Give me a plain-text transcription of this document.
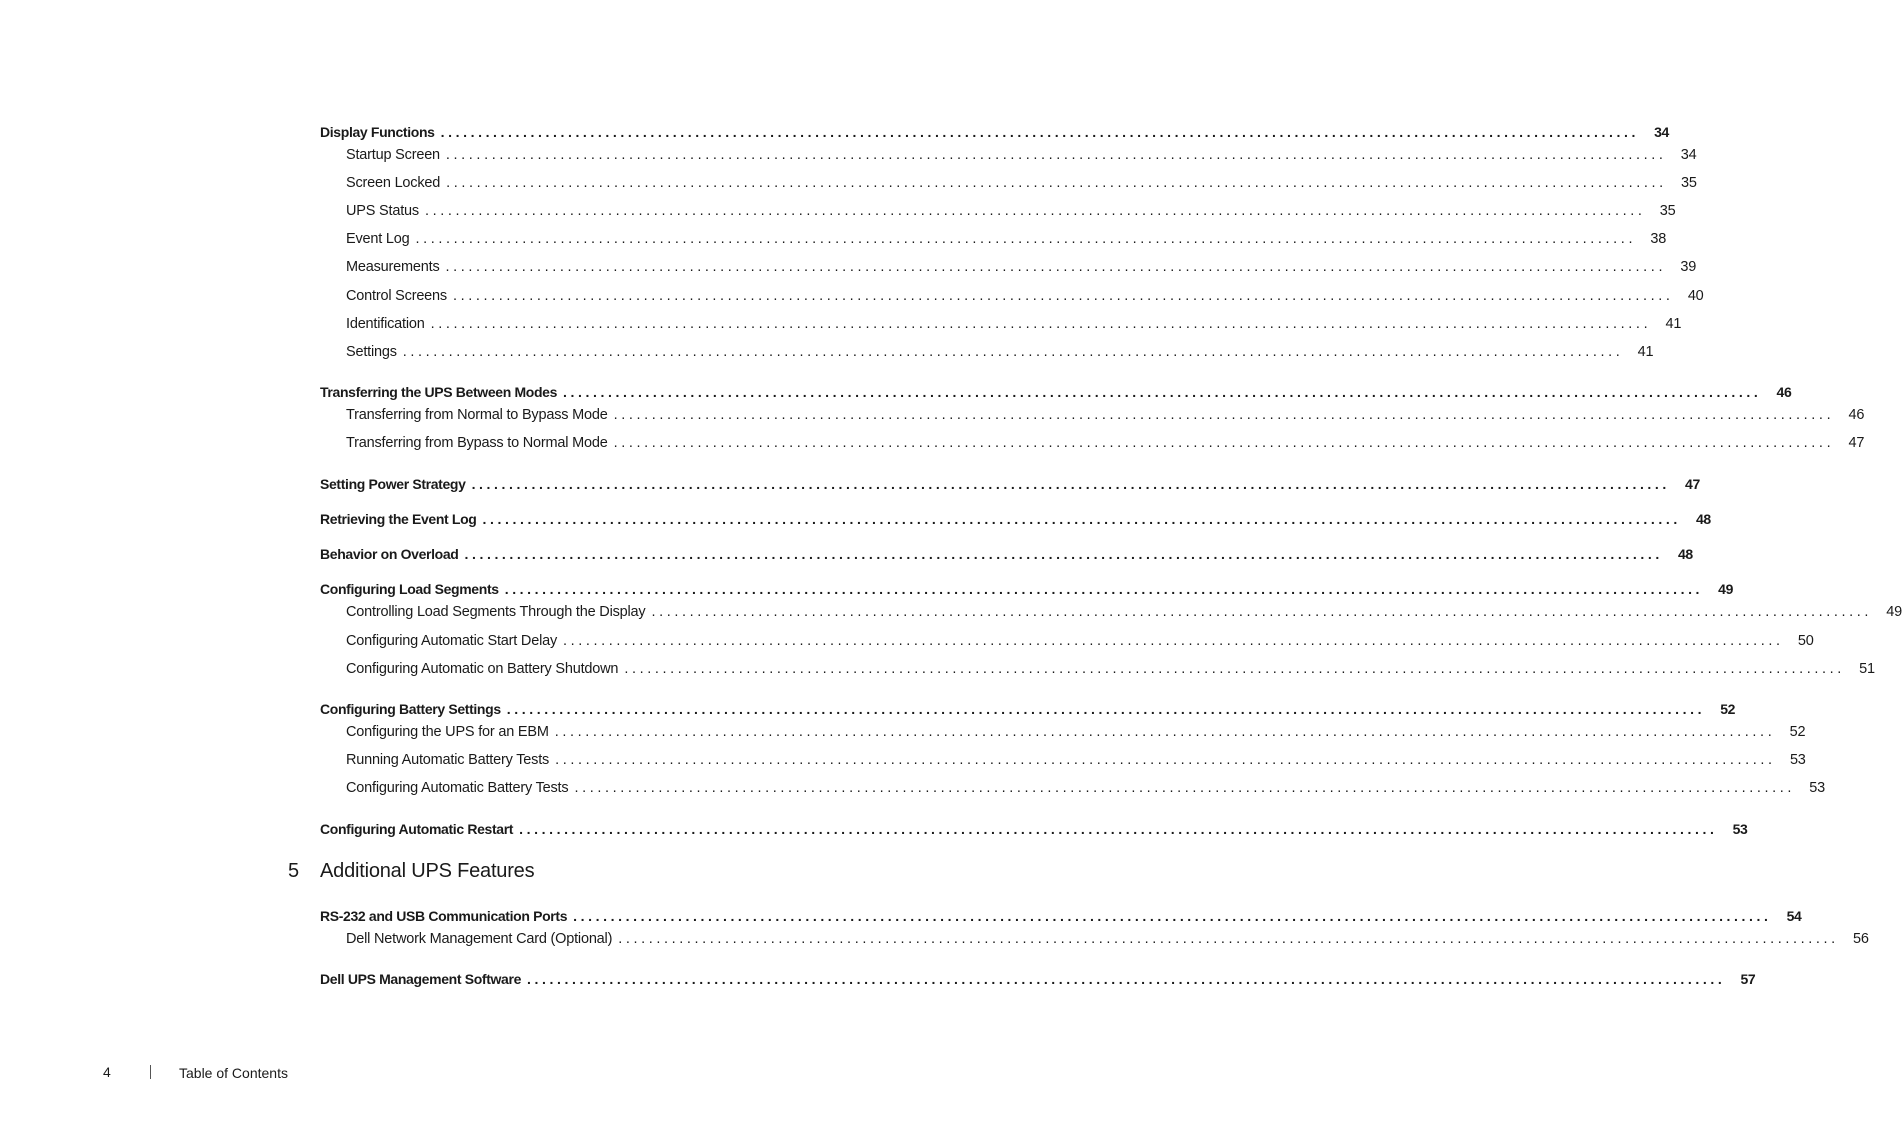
Display Functions ................................................................................................................................................................	34
Startup Screen ................................................................................................................................................................ 34
Screen Locked ................................................................................................................................................................ 35
UPS Status ................................................................................................................................................................ 35
Event Log ................................................................................................................................................................ 38
Measurements ................................................................................................................................................................ 39
Control Screens ................................................................................................................................................................ 40
Identification ................................................................................................................................................................ 41
Settings ................................................................................................................................................................ 41
Transferring the UPS Between Modes ................................................................................................................................................................	46
Transferring from Normal to Bypass Mode ................................................................................................................................................................ 46
Transferring from Bypass to Normal Mode ................................................................................................................................................................ 47
Setting Power Strategy ................................................................................................................................................................	47
Retrieving the Event Log ................................................................................................................................................................	48
Behavior on Overload ................................................................................................................................................................	48
Configuring Load Segments ................................................................................................................................................................	49
Controlling Load Segments Through the Display ................................................................................................................................................................ 49
Configuring Automatic Start Delay ................................................................................................................................................................ 50
Configuring Automatic on Battery Shutdown ................................................................................................................................................................ 51
Configuring Battery Settings ................................................................................................................................................................	52
Configuring the UPS for an EBM ................................................................................................................................................................ 52
Running Automatic Battery Tests ................................................................................................................................................................ 53
Configuring Automatic Battery Tests ................................................................................................................................................................ 53
Configuring Automatic Restart ................................................................................................................................................................	53
5	Additional UPS Features
RS-232 and USB Communication Ports ................................................................................................................................................................	54
Dell Network Management Card (Optional) ................................................................................................................................................................ 56
Dell UPS Management Software ................................................................................................................................................................	57
4	Table of Contents
